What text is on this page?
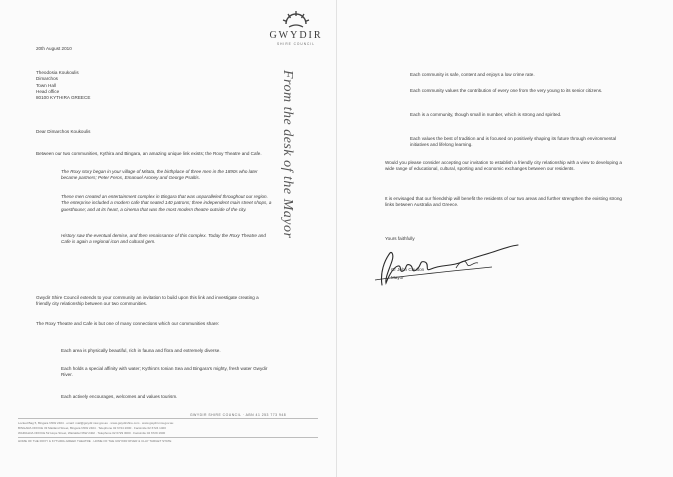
GWYDIR
SHIRE COUNCIL
From the desk of the Mayor
20th August 2010
Theodosia Koukoulis
Dimarchos
Town Hall
Head office
80100 KYTHIRA GREECE
Dear Dimarchos Koukoulis
Between our two communities, Kythira and Bingara, an amazing unique link exists; the Roxy Theatre and Cafe.
The Roxy story began in your village of Mitata, the birthplace of three men in the 1890s who later became partners; Peter Feros, Emanuel Aroney and George Psaltis.
These men created an entertainment complex in Bingara that was unparalleled throughout our region. The enterprise included a modern cafe that seated 140 patrons; three independent main street shops, a guesthouse; and at its heart, a cinema that was the most modern theatre outside of the city.
History saw the eventual demise, and then renaissance of this complex. Today the Roxy Theatre and Cafe is again a regional icon and cultural gem.
Gwydir Shire Council extends to your community an invitation to build upon this link and investigate creating a friendly city relationship between our two communities.
The Roxy Theatre and Cafe is but one of many connections which our communities share:
Each area is physically beautiful, rich in fauna and flora and extremely diverse.
Each holds a special affinity with water; Kythira's Ionian Sea and Bingara's mighty, fresh water Gwydir River.
Each actively encourages, welcomes and values tourism.
GWYDIR SHIRE COUNCIL · ABN 41 253 773 948
Locked Bag 5, Bingara NSW 2404 · email: mail@gwydir.nsw.gov.au · www.gwydirshire.com · www.gwydir.nsw.gov.au
BINGARA OFFICE 33 Maitland Street, Bingara NSW 2404 · Telephone 02 6724 2000 · Facsimile 02 6724 1400
WARIALDA OFFICE 52 Hope Street, Warialda NSW 2402 · Telephone 02 6729 3000 · Facsimile 02 6729 1900
HOME OF THE ROXY & KYTHIRA-GREEK THEATRE · HOME OF THE GWYDIR RIVER & CLAY TARGET STATE
Each community is safe, content and enjoys a low crime rate.
Each community values the contribution of every one from the very young to its senior citizens.
Each is a community, though small in number, which is strong and spirited.
Each values the best of tradition and is focused on positively shaping its future through environmental initiatives and lifelong learning.
Would you please consider accepting our invitation to establish a friendly city relationship with a view to developing a wide range of educational, cultural, sporting and economic exchanges between our residents.
It is envisaged that our friendship will benefit the residents of our two areas and further strengthen the existing strong links between Australia and Greece.
Yours faithfully
Cr John Coulton
Mayor
